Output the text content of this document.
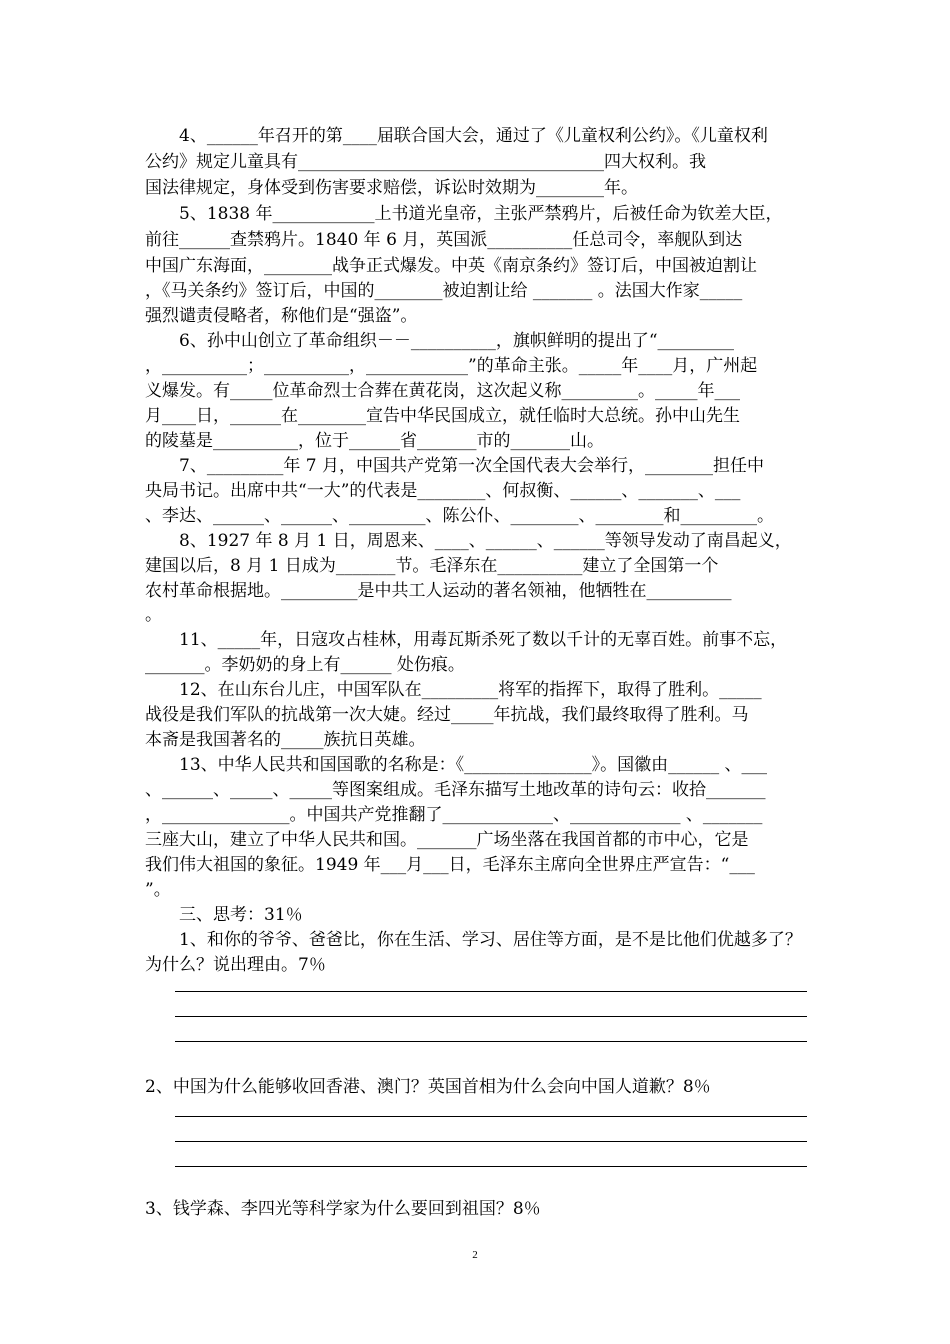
　　4、______年召开的第____届联合国大会，通过了《儿童权利公约》。《儿童权利
公约》规定儿童具有____________________________________四大权利。我
国法律规定，身体受到伤害要求赔偿，诉讼时效期为________年。
　　5、1838 年____________上书道光皇帝，主张严禁鸦片，后被任命为钦差大臣，
前往______查禁鸦片。1840 年 6 月，英国派__________任总司令，率舰队到达
中国广东海面，________战争正式爆发。中英《南京条约》签订后，中国被迫割让
，《马关条约》签订后，中国的________被迫割让给 _______ 。法国大作家_____
强烈谴责侵略者，称他们是“强盗”。
　　6、孙中山创立了革命组织－－__________，旗帜鲜明的提出了“_________
，__________；__________，____________”的革命主张。_____年____月，广州起
义爆发。有_____位革命烈士合葬在黄花岗，这次起义称_________。_____年___
月____日，______在________宣告中华民国成立，就任临时大总统。孙中山先生
的陵墓是__________，位于______省_______市的_______山。
　　7、_________年 7 月，中国共产党第一次全国代表大会举行，________担任中
央局书记。出席中共“一大”的代表是________、何叔衡、______、_______、___
、李达、______、______、_________、陈公仆、________、________和_________。
　　8、1927 年 8 月 1 日，周恩来、____、______、______等领导发动了南昌起义，
建国以后，8 月 1 日成为_______节。毛泽东在__________建立了全国第一个
农村革命根据地。_________是中共工人运动的著名领袖，他牺牲在__________
。
　　11、_____年，日寇攻占桂林，用毒瓦斯杀死了数以千计的无辜百姓。前事不忘，
_______。李奶奶的身上有______ 处伤痕。
　　12、在山东台儿庄，中国军队在_________将军的指挥下，取得了胜利。_____
战役是我们军队的抗战第一次大婕。经过_____年抗战，我们最终取得了胜利。马
本斋是我国著名的_____族抗日英雄。
　　13、中华人民共和国国歌的名称是：《_______________》。国徽由______ 、___
、______、_____、_____等图案组成。毛泽东描写土地改革的诗句云：收拾_______
，_______________。中国共产党推翻了_____________、_____________ 、_______
三座大山，建立了中华人民共和国。_______广场坐落在我国首都的市中心，它是
我们伟大祖国的象征。1949 年___月___日，毛泽东主席向全世界庄严宣告：“___
”。
　　三、思考：31％
　　1、和你的爷爷、爸爸比，你在生活、学习、居住等方面，是不是比他们优越多了？
为什么？说出理由。7％
2、中国为什么能够收回香港、澳门？英国首相为什么会向中国人道歉？8％
3、钱学森、李四光等科学家为什么要回到祖国？8％
2
